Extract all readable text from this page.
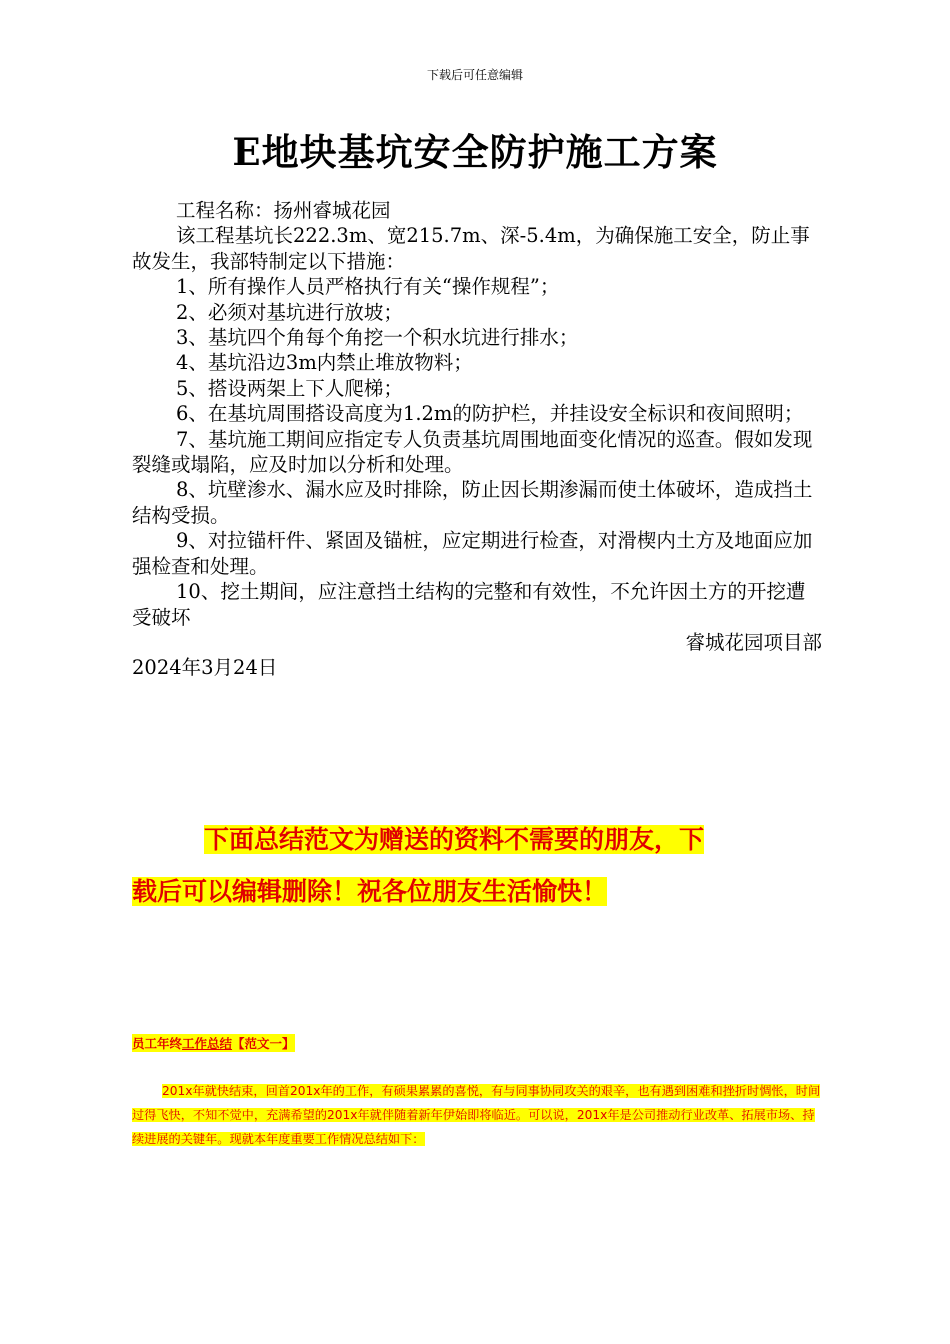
下载后可任意编辑
E地块基坑安全防护施工方案

工程名称：扬州睿城花园

该工程基坑长222.3m、宽215.7m、深-5.4m，为确保施工安全，防止事故发生，我部特制定以下措施：

1、所有操作人员严格执行有关“操作规程”；

2、必须对基坑进行放坡；

3、基坑四个角每个角挖一个积水坑进行排水；

4、基坑沿边3m内禁止堆放物料；

5、搭设两架上下人爬梯；

6、在基坑周围搭设高度为1.2m的防护栏，并挂设安全标识和夜间照明；

7、基坑施工期间应指定专人负责基坑周围地面变化情况的巡查。假如发现裂缝或塌陷，应及时加以分析和处理。

8、坑壁渗水、漏水应及时排除，防止因长期渗漏而使土体破坏，造成挡土结构受损。

9、对拉锚杆件、紧固及锚桩，应定期进行检查，对滑楔内土方及地面应加强检查和处理。

10、挖土期间，应注意挡土结构的完整和有效性，不允许因土方的开挖遭受破坏

睿城花园项目部

2024年3月24日

下面总结范文为赠送的资料不需要的朋友，下
载后可以编辑删除！祝各位朋友生活愉快！
员工年终工作总结【范文一】

201x年就快结束，回首201x年的工作，有硕果累累的喜悦，有与同事协同攻关的艰辛，也有遇到困难和挫折时惆怅，时间过得飞快，不知不觉中，充满希望的201x年就伴随着新年伊始即将临近。可以说，201x年是公司推动行业改革、拓展市场、持续进展的关键年。现就本年度重要工作情况总结如下：
